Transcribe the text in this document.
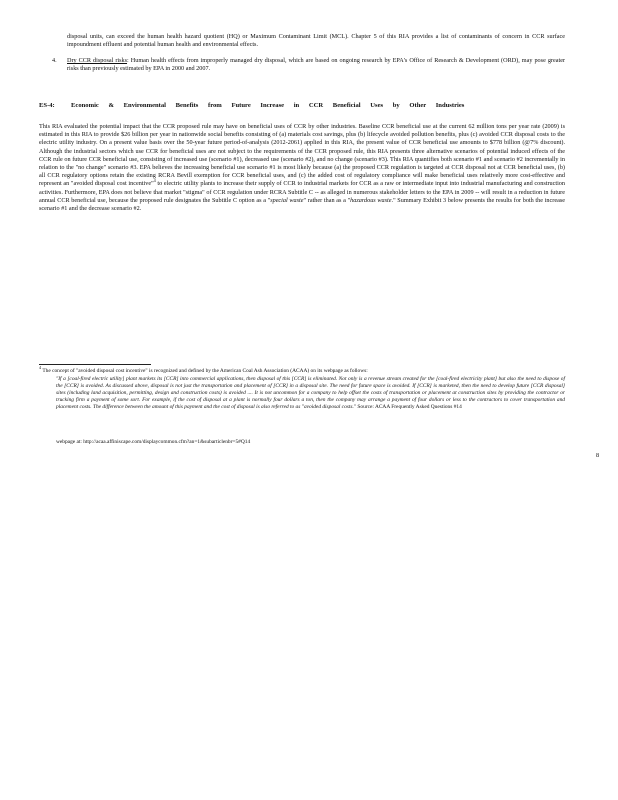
disposal units, can exceed the human health hazard quotient (HQ) or Maximum Contaminant Limit (MCL). Chapter 5 of this RIA provides a list of contaminants of concern in CCR surface impoundment effluent and potential human health and environmental effects.
4.	Dry CCR disposal risks: Human health effects from improperly managed dry disposal, which are based on ongoing research by EPA's Office of Research & Development (ORD), may pose greater risks than previously estimated by EPA in 2000 and 2007.
ES-4:	Economic & Environmental Benefits from Future Increase in CCR Beneficial Uses by Other Industries
This RIA evaluated the potential impact that the CCR proposed rule may have on beneficial uses of CCR by other industries. Baseline CCR beneficial use at the current 62 million tons per year rate (2009) is estimated in this RIA to provide $26 billion per year in nationwide social benefits consisting of (a) materials cost savings, plus (b) lifecycle avoided pollution benefits, plus (c) avoided CCR disposal costs to the electric utility industry. On a present value basis over the 50-year future period-of-analysis (2012-2061) applied in this RIA, the present value of CCR beneficial use amounts to $778 billion (@7% discount). Although the industrial sectors which use CCR for beneficial uses are not subject to the requirements of the CCR proposed rule, this RIA presents three alternative scenarios of potential induced effects of the CCR rule on future CCR beneficial use, consisting of increased use (scenario #1), decreased use (scenario #2), and no change (scenario #3). This RIA quantifies both scenario #1 and scenario #2 incrementally in relation to the "no change" scenario #3. EPA believes the increasing beneficial use scenario #1 is most likely because (a) the proposed CCR regulation is targeted at CCR disposal not at CCR beneficial uses, (b) all CCR regulatory options retain the existing RCRA Bevill exemption for CCR beneficial uses, and (c) the added cost of regulatory compliance will make beneficial uses relatively more cost-effective and represent an "avoided disposal cost incentive"$^4$ to electric utility plants to increase their supply of CCR to industrial markets for CCR as a raw or intermediate input into industrial manufacturing and construction activities. Furthermore, EPA does not believe that market "stigma" of CCR regulation under RCRA Subtitle C -- as alleged in numerous stakeholder letters to the EPA in 2009 -- will result in a reduction in future annual CCR beneficial use, because the proposed rule designates the Subtitle C option as a "special waste" rather than as a "hazardous waste." Summary Exhibit 3 below presents the results for both the increase scenario #1 and the decrease scenario #2.
$^4$ The concept of "avoided disposal cost incentive" is recognized and defined by the American Coal Ash Association (ACAA) on its webpage as follows:
"If a [coal-fired electric utility] plant markets its [CCR] into commercial applications, then disposal of this [CCR] is eliminated. Not only is a revenue stream created for the [coal-fired electricity plant] but also the need to dispose of the [CCR] is avoided. As discussed above, disposal is not just the transportation and placement of [CCR] in a disposal site. The need for future space is avoided. If [CCR] is marketed, then the need to develop future [CCR disposal] sites (including land acquisition, permitting, design and construction costs) is avoided .... It is not uncommon for a company to help offset the costs of transportation or placement at construction sites by providing the contractor or trucking firm a payment of some sort. For example, if the cost of disposal at a plant is normally four dollars a ton, then the company may arrange a payment of four dollars or less to the contractors to cover transportation and placement costs. The difference between the amount of this payment and the cost of disposal is also referred to as "avoided disposal costs." Source: ACAA Frequently Asked Questions #14
webpage at: http://acaa.affiniscape.com/displaycommon.cfm?an=1&subarticlenbr=5#Q14
8
